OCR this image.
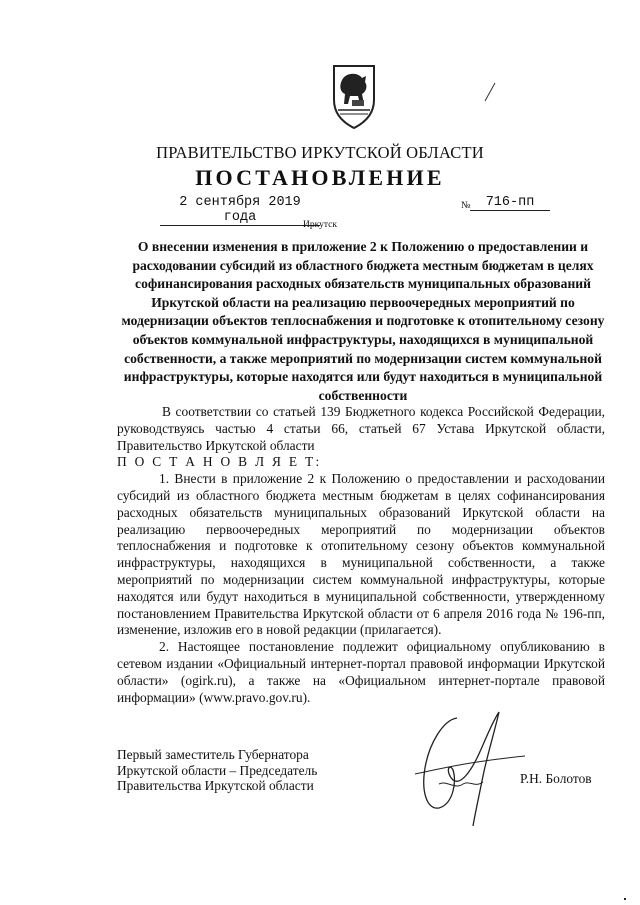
ПРАВИТЕЛЬСТВО ИРКУТСКОЙ ОБЛАСТИ
ПОСТАНОВЛЕНИЕ
2 сентября 2019 года
№	716-пп
Иркутск
О внесении изменения в приложение 2 к Положению о предоставлении и расходовании субсидий из областного бюджета местным бюджетам в целях софинансирования расходных обязательств муниципальных образований Иркутской области на реализацию первоочередных мероприятий по модернизации объектов теплоснабжения и подготовке к отопительному сезону объектов коммунальной инфраструктуры, находящихся в муниципальной собственности, а также мероприятий по модернизации систем коммунальной инфраструктуры, которые находятся или будут находиться в муниципальной собственности

В соответствии со статьей 139 Бюджетного кодекса Российской Федерации, руководствуясь частью 4 статьи 66, статьей 67 Устава Иркутской области, Правительство Иркутской области

П О С Т А Н О В Л Я Е Т:

1. Внести в приложение 2 к Положению о предоставлении и расходовании субсидий из областного бюджета местным бюджетам в целях софинансирования расходных обязательств муниципальных образований Иркутской области на реализацию первоочередных мероприятий по модернизации объектов теплоснабжения и подготовке к отопительному сезону объектов коммунальной инфраструктуры, находящихся в муниципальной собственности, а также мероприятий по модернизации систем коммунальной инфраструктуры, которые находятся или будут находиться в муниципальной собственности, утвержденному постановлением Правительства Иркутской области от 6 апреля 2016 года № 196-пп, изменение, изложив его в новой редакции (прилагается).

2. Настоящее постановление подлежит официальному опубликованию в сетевом издании «Официальный интернет-портал правовой информации Иркутской области» (ogirk.ru), а также на «Официальном интернет-портале правовой информации» (www.pravo.gov.ru).

Первый заместитель Губернатора
Иркутской области – Председатель
Правительства Иркутской области	Р.Н. Болотов
